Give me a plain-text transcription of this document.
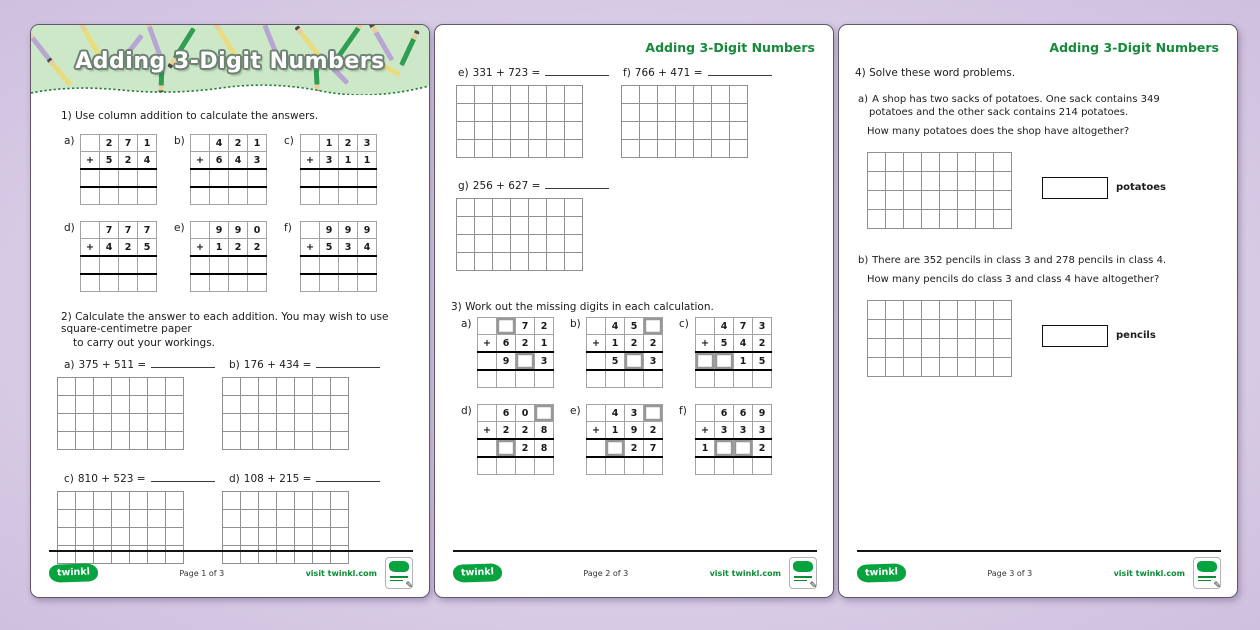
Adding 3-Digit Numbers

1) Use column addition to calculate the answers.

a)
		2	7	1
+	5	2	4

b)
		4	2	1
+	6	4	3

c)
		1	2	3
+	3	1	1

d)
		7	7	7
+	4	2	5

e)
		9	9	0
+	1	2	2

f)
		9	9	9
+	5	3	4

2) Calculate the answer to each addition. You may wish to use square-centimetre paper

to carry out your workings.

a) 375 + 511 =

							b) 176 + 434 =

c) 810 + 523 =

							d) 108 + 215 =

twinkl	Page 1 of 3	visit twinkl.com
✎
Adding 3-Digit Numbers
e) 331 + 723 =

							f) 766 + 471 =

g) 256 + 627 =

3) Work out the missing digits in each calculation.

a)
			7	2
+	6	2	1
	9		3

b)
		4	5	
+	1	2	2
	5		3

c)
		4	7	3
+	5	4	2
		1	5

d)
		6	0	
+	2	2	8
		2	8

e)
		4	3	
+	1	9	2
		2	7

f)
		6	6	9
+	3	3	3
1			2

twinkl	Page 2 of 3	visit twinkl.com
✎
Adding 3-Digit Numbers

4) Solve these word problems.

a) A shop has two sacks of potatoes. One sack contains 349

potatoes and the other sack contains 214 potatoes.

How many potatoes does the shop have altogether?

potatoes

b) There are 352 pencils in class 3 and 278 pencils in class 4.

How many pencils do class 3 and class 4 have altogether?

pencils
twinkl	Page 3 of 3	visit twinkl.com
✎
